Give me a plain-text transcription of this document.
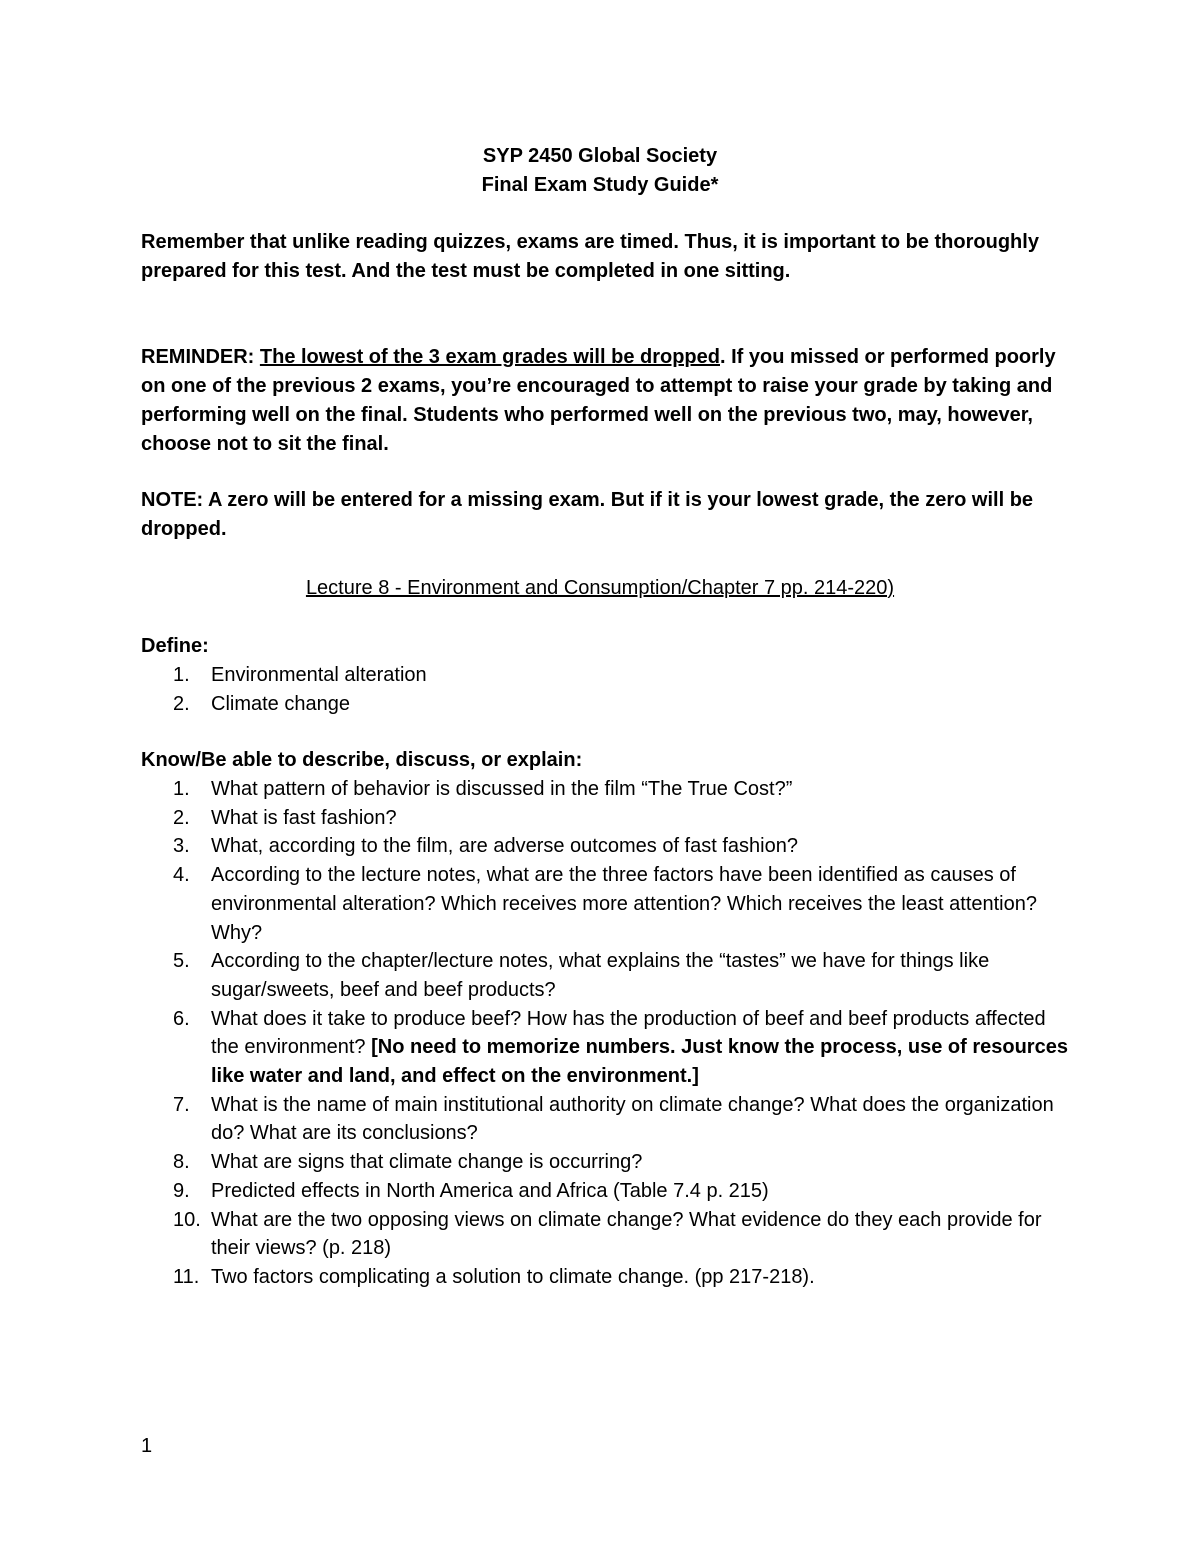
SYP 2450 Global Society
Final Exam Study Guide*
Remember that unlike reading quizzes, exams are timed. Thus, it is important to be thoroughly prepared for this test. And the test must be completed in one sitting.
REMINDER: The lowest of the 3 exam grades will be dropped. If you missed or performed poorly on one of the previous 2 exams, you’re encouraged to attempt to raise your grade by taking and performing well on the final. Students who performed well on the previous two, may, however, choose not to sit the final.
NOTE: A zero will be entered for a missing exam. But if it is your lowest grade, the zero will be dropped.
Lecture 8 - Environment and Consumption/Chapter 7 pp. 214-220)
Define:
1. Environmental alteration
2. Climate change
Know/Be able to describe, discuss, or explain:
1. What pattern of behavior is discussed in the film “The True Cost?”
2. What is fast fashion?
3. What, according to the film, are adverse outcomes of fast fashion?
4. According to the lecture notes, what are the three factors have been identified as causes of environmental alteration? Which receives more attention? Which receives the least attention? Why?
5. According to the chapter/lecture notes, what explains the “tastes” we have for things like sugar/sweets, beef and beef products?
6. What does it take to produce beef? How has the production of beef and beef products affected the environment? [No need to memorize numbers. Just know the process, use of resources like water and land, and effect on the environment.]
7. What is the name of main institutional authority on climate change? What does the organization do? What are its conclusions?
8. What are signs that climate change is occurring?
9. Predicted effects in North America and Africa (Table 7.4 p. 215)
10. What are the two opposing views on climate change? What evidence do they each provide for their views? (p. 218)
11. Two factors complicating a solution to climate change. (pp 217-218).
1
